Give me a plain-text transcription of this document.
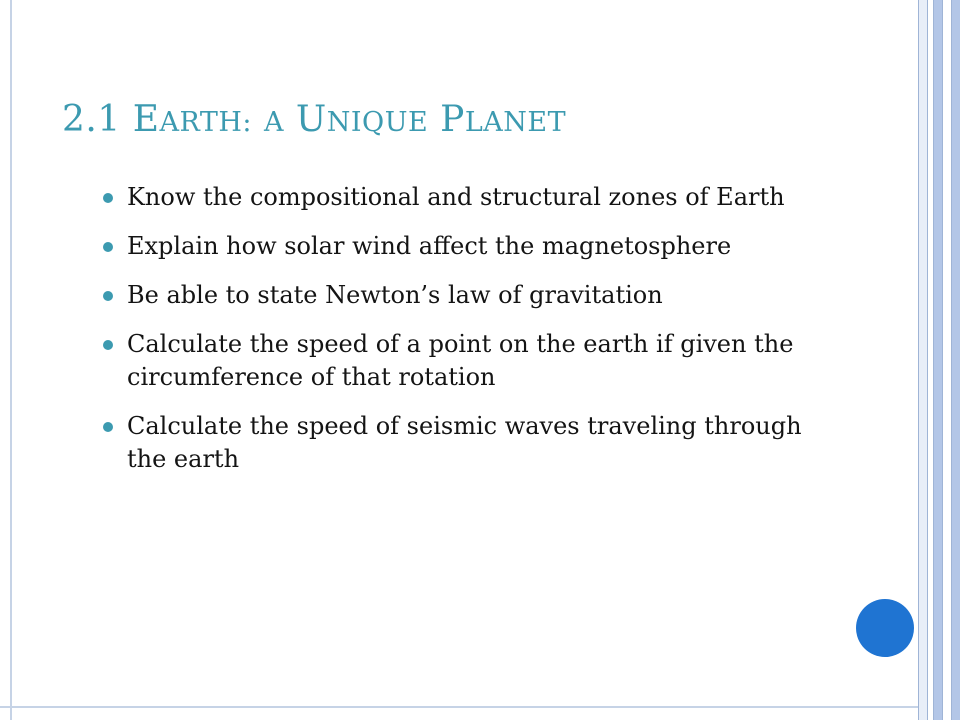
2.1 EARTH: A UNIQUE PLANET
Know the compositional and structural zones of Earth
Explain how solar wind affect the magnetosphere
Be able to state Newton’s law of gravitation
Calculate the speed of a point on the earth if given the circumference of that rotation
Calculate the speed of seismic waves traveling through the earth
